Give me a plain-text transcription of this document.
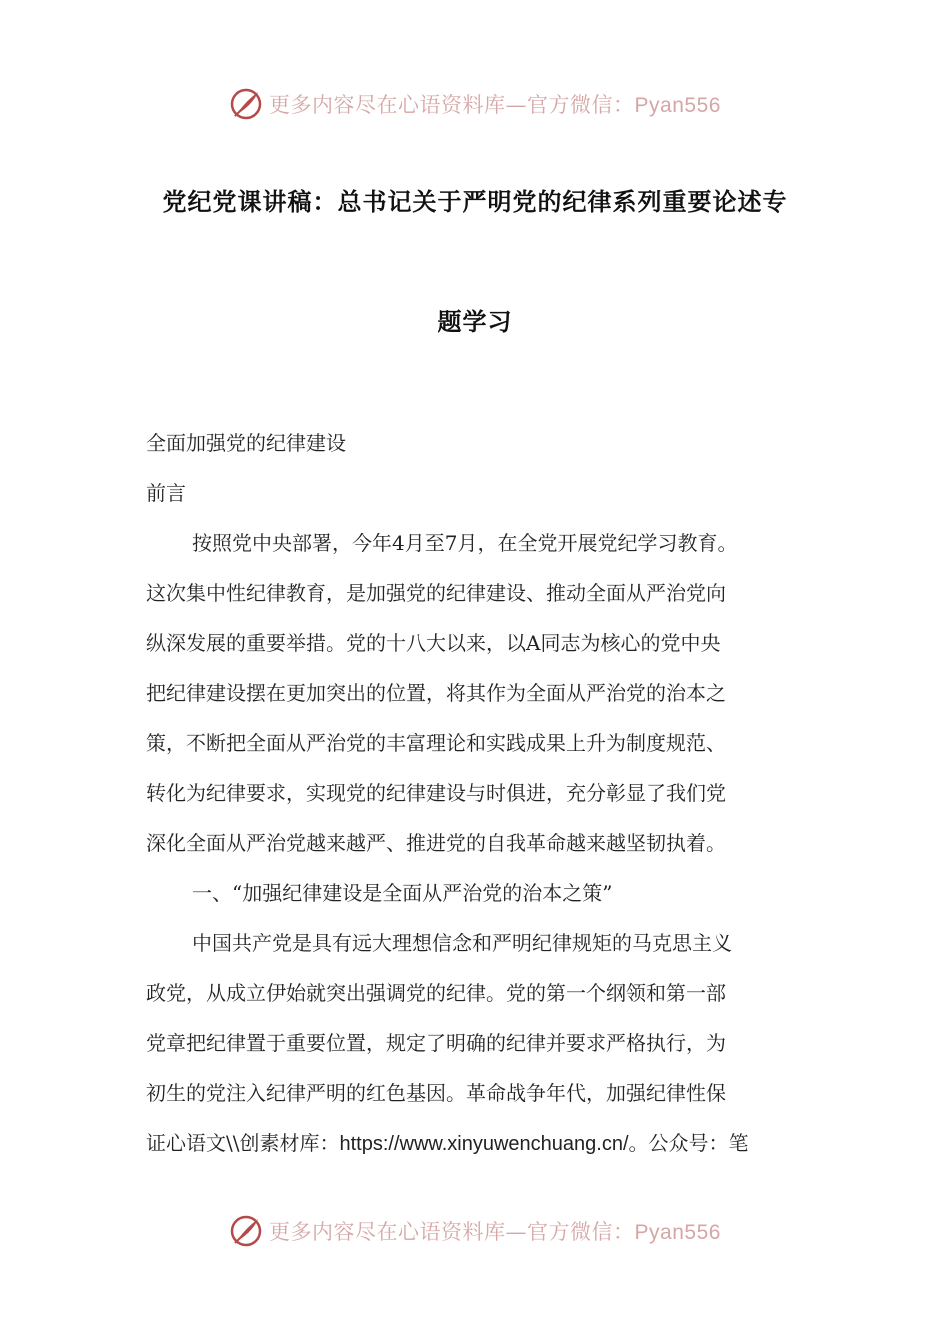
更多内容尽在心语资料库—官方微信：Pyan556
党纪党课讲稿：总书记关于严明党的纪律系列重要论述专
题学习

全面加强党的纪律建设

前言

按照党中央部署，今年4月至7月，在全党开展党纪学习教育。

这次集中性纪律教育，是加强党的纪律建设、推动全面从严治党向

纵深发展的重要举措。党的十八大以来，以A同志为核心的党中央

把纪律建设摆在更加突出的位置，将其作为全面从严治党的治本之

策，不断把全面从严治党的丰富理论和实践成果上升为制度规范、

转化为纪律要求，实现党的纪律建设与时俱进，充分彰显了我们党

深化全面从严治党越来越严、推进党的自我革命越来越坚韧执着。

一、“加强纪律建设是全面从严治党的治本之策”

中国共产党是具有远大理想信念和严明纪律规矩的马克思主义

政党，从成立伊始就突出强调党的纪律。党的第一个纲领和第一部

党章把纪律置于重要位置，规定了明确的纪律并要求严格执行，为

初生的党注入纪律严明的红色基因。革命战争年代，加强纪律性保

证心语文\\创素材库：https://www.xinyuwenchuang.cn/。公众号：笔

更多内容尽在心语资料库—官方微信：Pyan556
